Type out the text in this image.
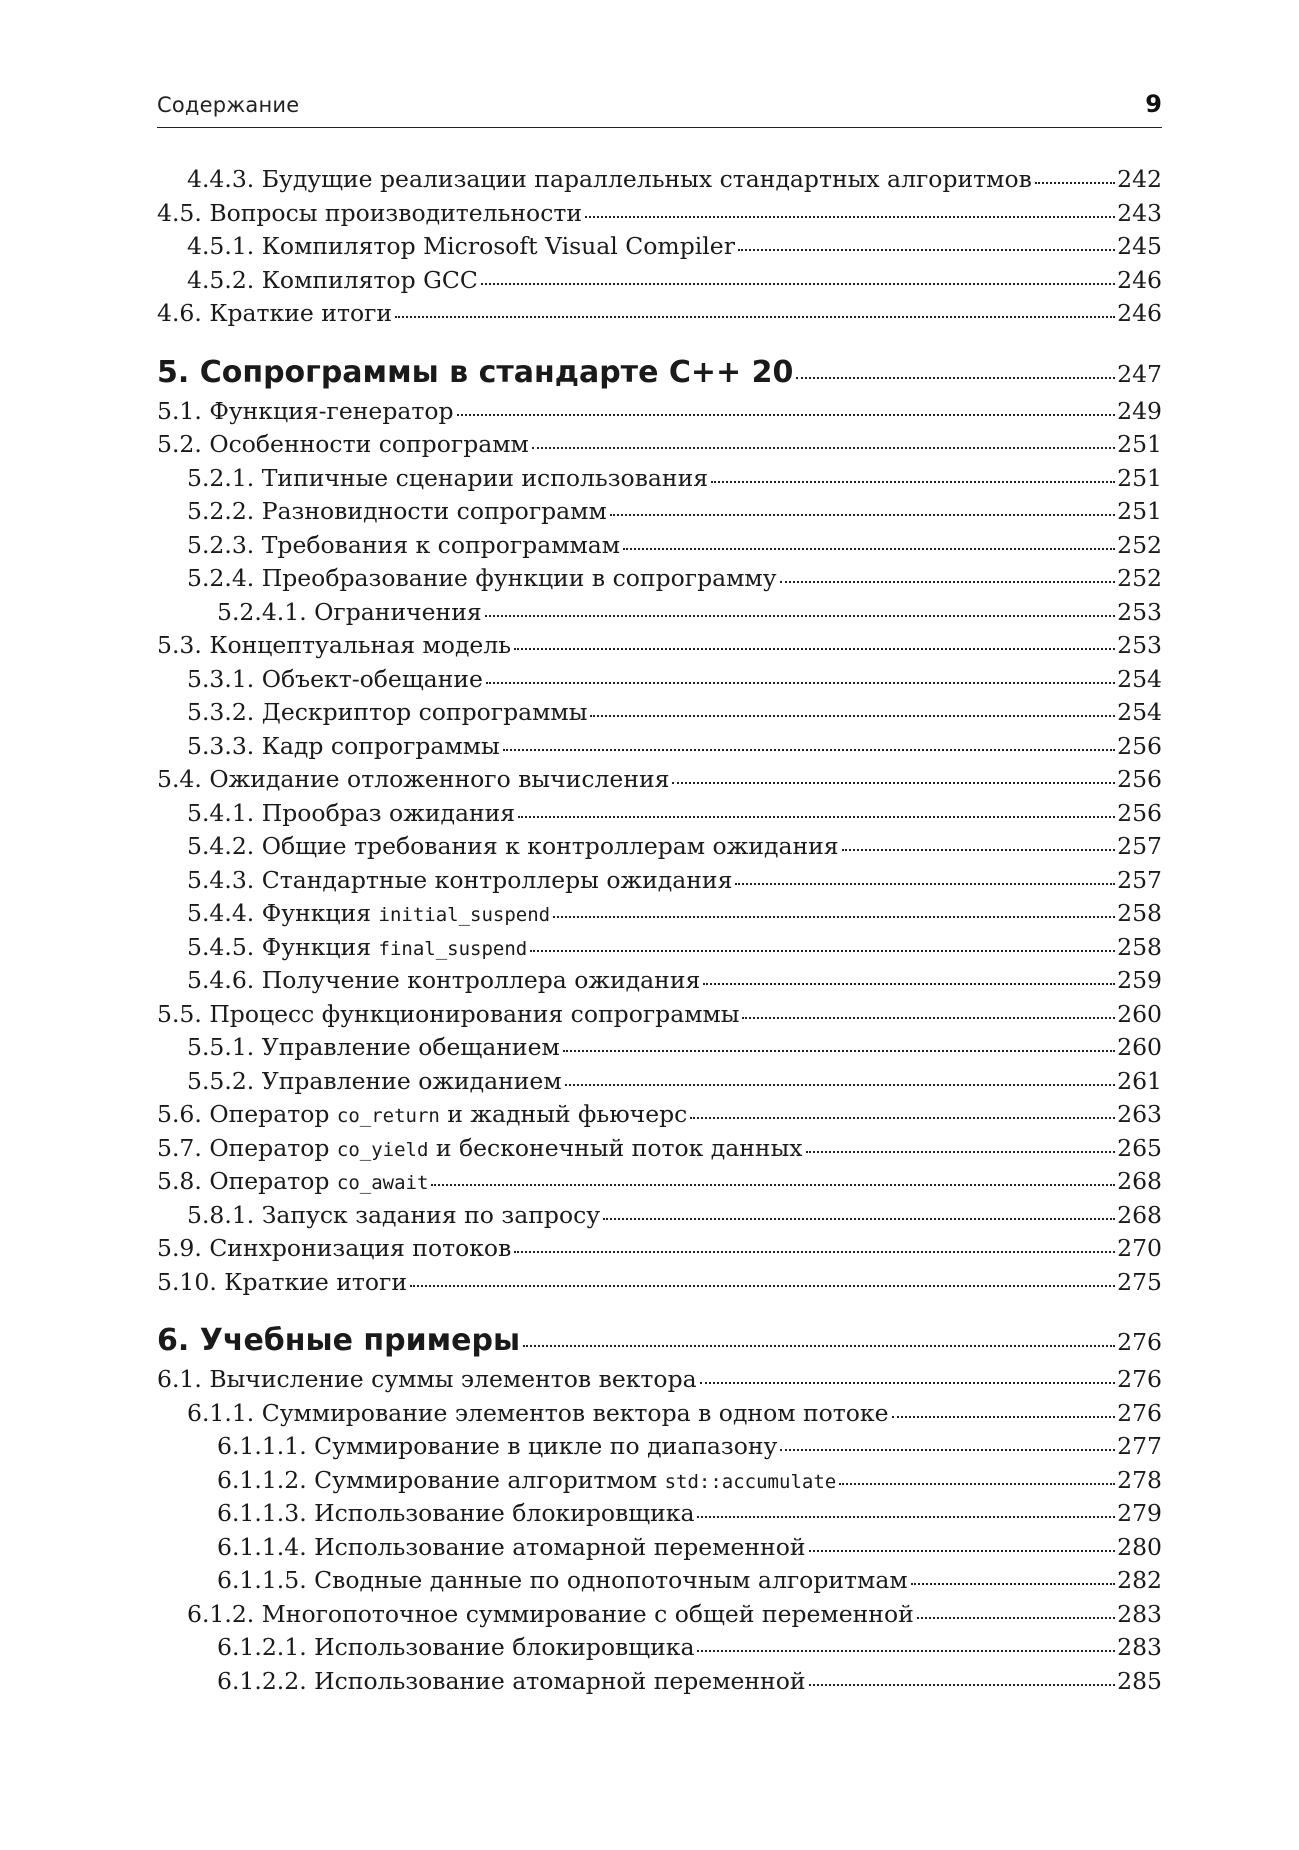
Содержание	9
4.4.3. Будущие реализации параллельных стандартных алгоритмов	242
4.5. Вопросы производительности	243
4.5.1. Компилятор Microsoft Visual Compiler	245
4.5.2. Компилятор GCC	246
4.6. Краткие итоги	246
5. Сопрограммы в стандарте C++ 20	247
5.1. Функция-генератор	249
5.2. Особенности сопрограмм	251
5.2.1. Типичные сценарии использования	251
5.2.2. Разновидности сопрограмм	251
5.2.3. Требования к сопрограммам	252
5.2.4. Преобразование функции в сопрограмму	252
5.2.4.1. Ограничения	253
5.3. Концептуальная модель	253
5.3.1. Объект-обещание	254
5.3.2. Дескриптор сопрограммы	254
5.3.3. Кадр сопрограммы	256
5.4. Ожидание отложенного вычисления	256
5.4.1. Прообраз ожидания	256
5.4.2. Общие требования к контроллерам ожидания	257
5.4.3. Стандартные контроллеры ожидания	257
5.4.4. Функция initial_suspend	258
5.4.5. Функция final_suspend	258
5.4.6. Получение контроллера ожидания	259
5.5. Процесс функционирования сопрограммы	260
5.5.1. Управление обещанием	260
5.5.2. Управление ожиданием	261
5.6. Оператор co_return и жадный фьючерс	263
5.7. Оператор co_yield и бесконечный поток данных	265
5.8. Оператор co_await	268
5.8.1. Запуск задания по запросу	268
5.9. Синхронизация потоков	270
5.10. Краткие итоги	275
6. Учебные примеры	276
6.1. Вычисление суммы элементов вектора	276
6.1.1. Суммирование элементов вектора в одном потоке	276
6.1.1.1. Суммирование в цикле по диапазону	277
6.1.1.2. Суммирование алгоритмом std::accumulate	278
6.1.1.3. Использование блокировщика	279
6.1.1.4. Использование атомарной переменной	280
6.1.1.5. Сводные данные по однопоточным алгоритмам	282
6.1.2. Многопоточное суммирование с общей переменной	283
6.1.2.1. Использование блокировщика	283
6.1.2.2. Использование атомарной переменной	285
